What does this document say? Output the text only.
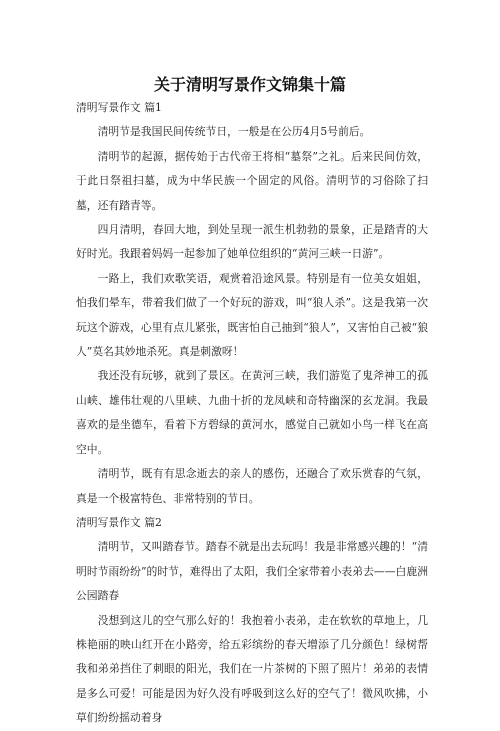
关于清明写景作文锦集十篇

清明写景作文 篇1

清明节是我国民间传统节日，一般是在公历4月5号前后。

清明节的起源，据传始于古代帝王将相“墓祭”之礼。后来民间仿效，于此日祭祖扫墓，成为中华民族一个固定的风俗。清明节的习俗除了扫墓，还有踏青等。

四月清明，春回大地，到处呈现一派生机勃勃的景象，正是踏青的大好时光。我跟着妈妈一起参加了她单位组织的“黄河三峡一日游”。

一路上，我们欢歌笑语，观赏着沿途风景。特别是有一位美女姐姐，怕我们晕车，带着我们做了一个好玩的游戏，叫“狼人杀”。这是我第一次玩这个游戏，心里有点儿紧张，既害怕自己抽到“狼人”，又害怕自己被“狼人”莫名其妙地杀死。真是刺激呀！

我还没有玩够，就到了景区。在黄河三峡，我们游览了鬼斧神工的孤山峡、雄伟壮观的八里峡、九曲十折的龙凤峡和奇特幽深的玄龙洞。我最喜欢的是坐德车，看着下方碧绿的黄河水，感觉自己就如小鸟一样飞在高空中。

清明节，既有有思念逝去的亲人的感伤，还融合了欢乐赏春的气氛，真是一个极富特色、非常特别的节日。

清明写景作文 篇2

清明节，又叫踏春节。踏春不就是出去玩吗！我是非常感兴趣的！“清明时节雨纷纷”的时节，难得出了太阳，我们全家带着小表弟去——白鹿洲公园踏春

没想到这儿的空气那么好的！我抱着小表弟，走在软软的草地上，几株艳丽的映山红开在小路旁，给五彩缤纷的春天增添了几分颜色！绿树帮我和弟弟挡住了刺眼的阳光，我们在一片茶树的下照了照片！弟弟的表情是多么可爱！可能是因为好久没有呼吸到这么好的空气了！微风吹拂，小草们纷纷摇动着身
